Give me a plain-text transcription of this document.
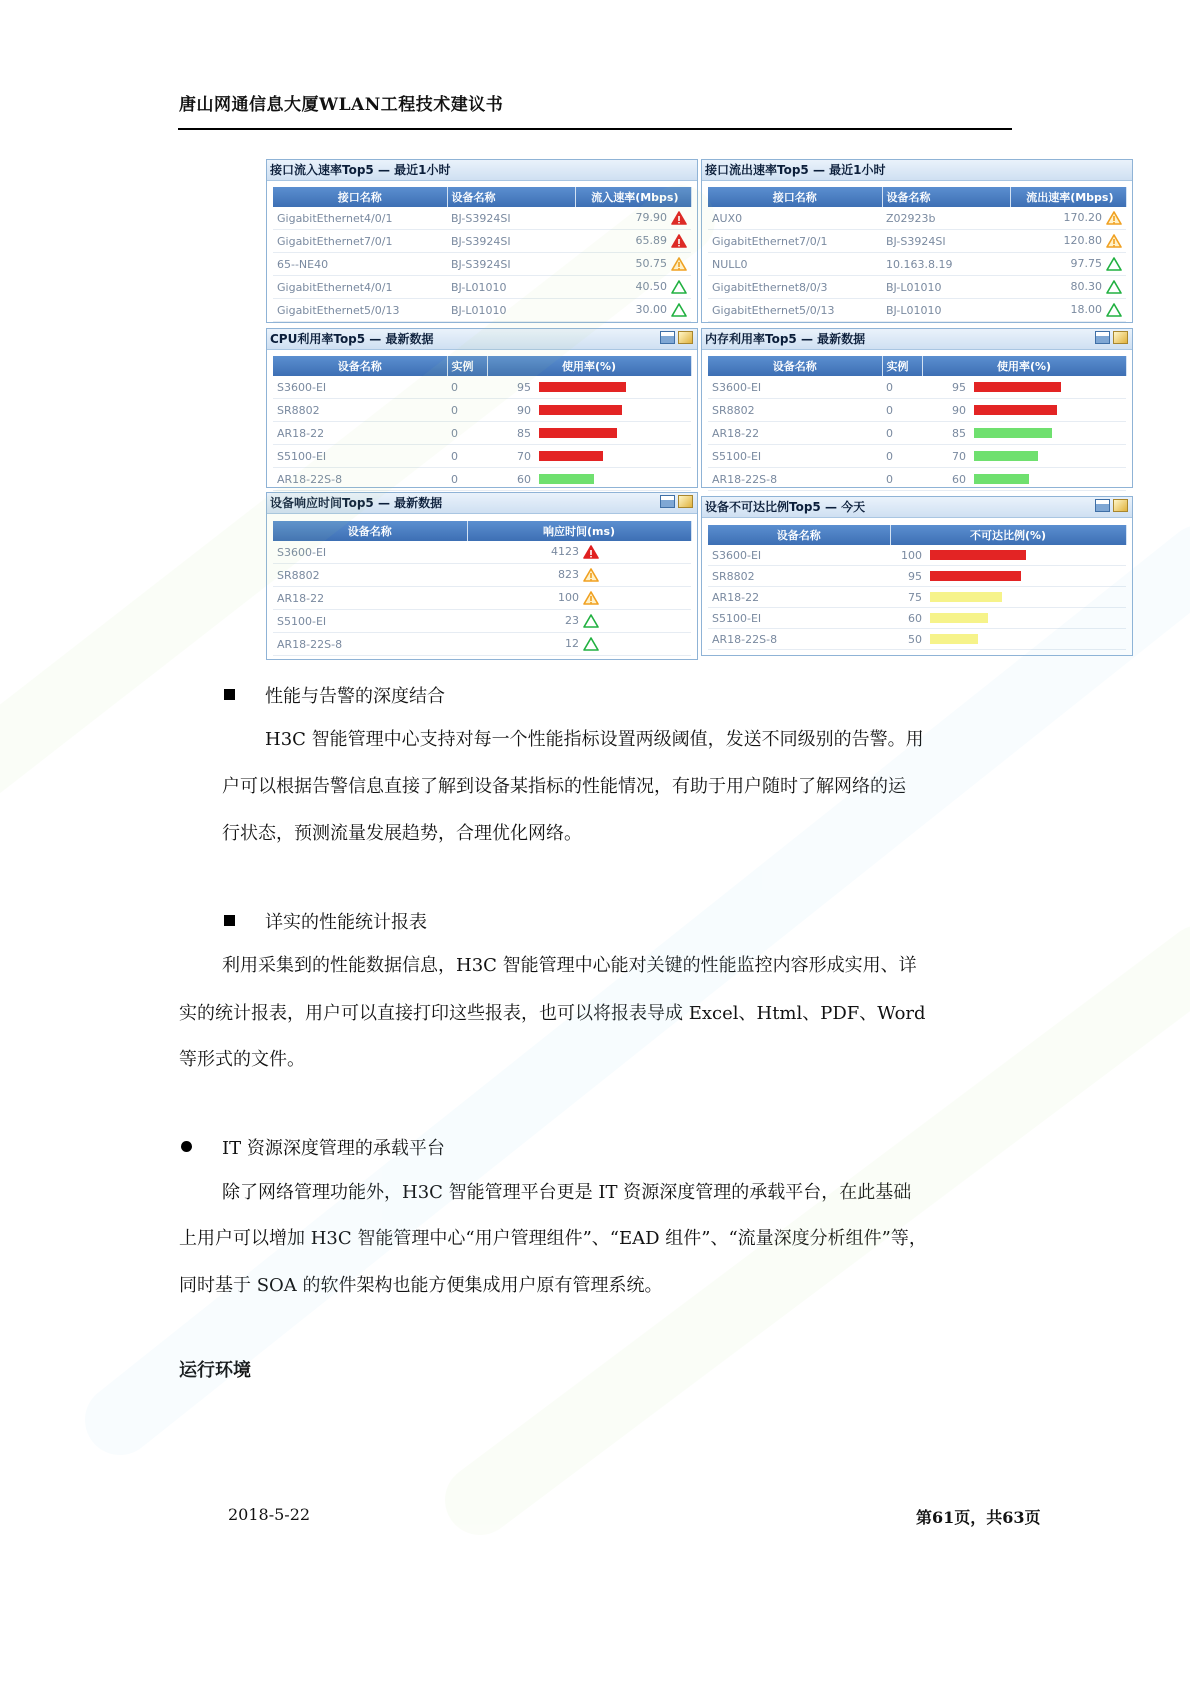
唐山网通信息大厦WLAN工程技术建议书
接口流入速率Top5 — 最近1小时
接口名称	设备名称	流入速率(Mbps)
GigabitEthernet4/0/1	BJ-S3924SI	79.90

GigabitEthernet7/0/1	BJ-S3924SI	65.89

65--NE40	BJ-S3924SI	50.75

GigabitEthernet4/0/1	BJ-L01010	40.50

GigabitEthernet5/0/13	BJ-L01010	30.00
接口流出速率Top5 — 最近1小时
接口名称	设备名称	流出速率(Mbps)
AUX0	Z02923b	170.20

GigabitEthernet7/0/1	BJ-S3924SI	120.80

NULL0	10.163.8.19	97.75

GigabitEthernet8/0/3	BJ-L01010	80.30

GigabitEthernet5/0/13	BJ-L01010	18.00
CPU利用率Top5 — 最新数据
设备名称	实例	使用率(%)
S3600-EI	0	95

SR8802	0	90

AR18-22	0	85

S5100-EI	0	70

AR18-22S-8	0	60
内存利用率Top5 — 最新数据
设备名称	实例	使用率(%)
S3600-EI	0	95

SR8802	0	90

AR18-22	0	85

S5100-EI	0	70

AR18-22S-8	0	60
设备响应时间Top5 — 最新数据
设备名称	响应时间(ms)
S3600-EI	4123

SR8802	823

AR18-22	100

S5100-EI	23

AR18-22S-8	12
设备不可达比例Top5 — 今天
设备名称	不可达比例(%)
S3600-EI	100

SR8802	95

AR18-22	75

S5100-EI	60

AR18-22S-8	50
性能与告警的深度结合
H3C 智能管理中心支持对每一个性能指标设置两级阈值，发送不同级别的告警。用
户可以根据告警信息直接了解到设备某指标的性能情况，有助于用户随时了解网络的运
行状态，预测流量发展趋势，合理优化网络。
详实的性能统计报表
利用采集到的性能数据信息，H3C 智能管理中心能对关键的性能监控内容形成实用、详
实的统计报表，用户可以直接打印这些报表，也可以将报表导成 Excel、Html、PDF、Word
等形式的文件。
IT 资源深度管理的承载平台
除了网络管理功能外，H3C 智能管理平台更是 IT 资源深度管理的承载平台，在此基础
上用户可以增加 H3C 智能管理中心“用户管理组件”、“EAD 组件”、“流量深度分析组件”等，
同时基于 SOA 的软件架构也能方便集成用户原有管理系统。
运行环境
2018-5-22	第61页，共63页
